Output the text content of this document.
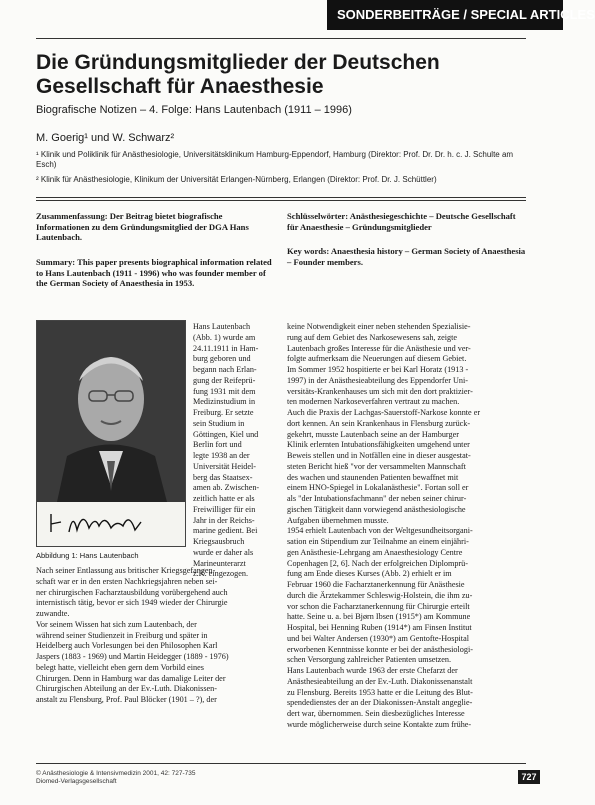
SONDERBEITRÄGE / SPECIAL ARTICLES
Die Gründungsmitglieder der Deutschen Gesellschaft für Anaesthesie
Biografische Notizen – 4. Folge: Hans Lautenbach (1911 – 1996)
M. Goerig¹ und W. Schwarz²
¹ Klinik und Poliklinik für Anästhesiologie, Universitätsklinikum Hamburg-Eppendorf, Hamburg (Direktor: Prof. Dr. Dr. h. c. J. Schulte am Esch)
² Klinik für Anästhesiologie, Klinikum der Universität Erlangen-Nürnberg, Erlangen (Direktor: Prof. Dr. J. Schüttler)
Zusammenfassung: Der Beitrag bietet biografische Informationen zu dem Gründungsmitglied der DGA Hans Lautenbach.
Summary: This paper presents biographical information related to Hans Lautenbach (1911 - 1996) who was founder member of the German Society of Anaesthesia in 1953.
Schlüsselwörter: Anästhesiegeschichte – Deutsche Gesellschaft für Anaesthesie – Gründungsmitglieder
Key words: Anaesthesia history – German Society of Anaesthesia – Founder members.
Abbildung 1: Hans Lautenbach
Hans Lautenbach
(Abb. 1) wurde am
24.11.1911 in Ham-
burg geboren und
begann nach Erlan-
gung der Reifeprü-
fung 1931 mit dem
Medizinstudium in
Freiburg. Er setzte
sein Studium in
Göttingen, Kiel und
Berlin fort und
legte 1938 an der
Universität Heidel-
berg das Staatsex-
amen ab. Zwischen-
zeitlich hatte er als
Freiwilliger für ein
Jahr in der Reichs-
marine gedient. Bei
Kriegsausbruch
wurde er daher als
Marineunterarzt
z.K. eingezogen.
Nach seiner Entlassung aus britischer Kriegsgefangen-
schaft war er in den ersten Nachkriegsjahren neben sei-
ner chirurgischen Facharztausbildung vorübergehend auch
internistisch tätig, bevor er sich 1949 wieder der Chirurgie
zuwandte.
Vor seinem Wissen hat sich zum Lautenbach, der
während seiner Studienzeit in Freiburg und später in
Heidelberg auch Vorlesungen bei den Philosophen Karl
Jaspers (1883 - 1969) und Martin Heidegger (1889 - 1976)
belegt hatte, vielleicht eben gern dem Vorbild eines
Chirurgen. Denn in Hamburg war das damalige Leiter der
Chirurgischen Abteilung an der Ev.-Luth. Diakonissen-
anstalt zu Flensburg, Prof. Paul Blöcker (1901 – ?), der
keine Notwendigkeit einer neben stehenden Spezialisie-
rung auf dem Gebiet des Narkosewesens sah, zeigte
Lautenbach großes Interesse für die Anästhesie und ver-
folgte aufmerksam die Neuerungen auf diesem Gebiet.
Im Sommer 1952 hospitierte er bei Karl Horatz (1913 -
1997) in der Anästhesieabteilung des Eppendorfer Uni-
versitäts-Krankenhauses um sich mit den dort praktizier-
ten modernen Narkoseverfahren vertraut zu machen.
Auch die Praxis der Lachgas-Sauerstoff-Narkose konnte er
dort kennen. An sein Krankenhaus in Flensburg zurück-
gekehrt, musste Lautenbach seine an der Hamburger
Klinik erlernten Intubationsfähigkeiten umgehend unter
Beweis stellen und in Notfällen eine in dieser ausgestat-
steten Bericht hieß "vor der versammelten Mannschaft
des wachen und staunenden Patienten bewaffnet mit
einem HNO-Spiegel in Lokalanästhesie". Fortan soll er
als "der Intubationsfachmann" der neben seiner chirur-
gischen Tätigkeit dann vorwiegend anästhesiologische
Aufgaben übernehmen musste.
1954 erhielt Lautenbach von der Weltgesundheitsorgani-
sation ein Stipendium zur Teilnahme an einem einjähri-
gen Anästhesie-Lehrgang am Anaesthesiology Centre
Copenhagen [2, 6]. Nach der erfolgreichen Diplomprü-
fung am Ende dieses Kurses (Abb. 2) erhielt er im
Februar 1960 die Facharztanerkennung für Anästhesie
durch die Ärztekammer Schleswig-Holstein, die ihm zu-
vor schon die Facharztanerkennung für Chirurgie erteilt
hatte. Seine u. a. bei Bjørn Ibsen (1915*) am Kommune
Hospital, bei Henning Ruben (1914*) am Finsen Institut
und bei Walter Andersen (1930*) am Gentofte-Hospital
erworbenen Kenntnisse konnte er bei der anästhesiologi-
schen Versorgung zahlreicher Patienten umsetzen.
Hans Lautenbach wurde 1963 der erste Chefarzt der
Anästhesieabteilung an der Ev.-Luth. Diakonissenanstalt
zu Flensburg. Bereits 1953 hatte er die Leitung des Blut-
spendedienstes der an der Diakonissen-Anstalt angeglie-
dert war, übernommen. Sein diesbezügliches Interesse
wurde möglicherweise durch seine Kontakte zum frühe-
© Anästhesiologie & Intensivmedizin 2001, 42: 727-735
Diomed-Verlagsgesellschaft	727
